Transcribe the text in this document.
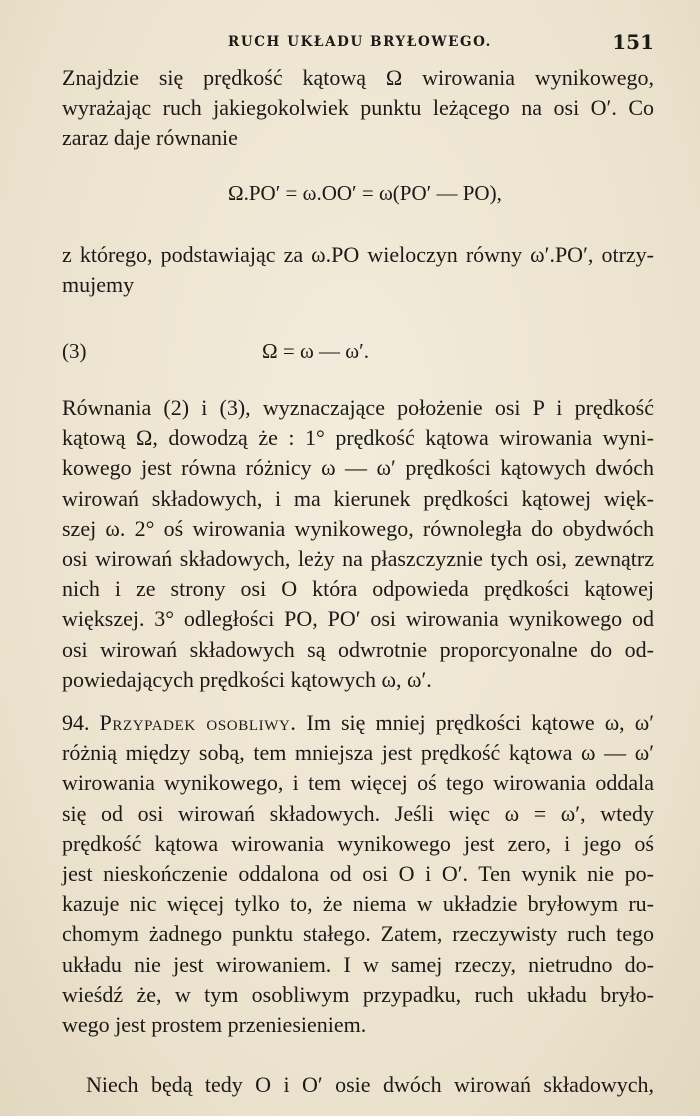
RUCH UKŁADU BRYŁOWEGO.	151
Znajdzie się prędkość kątową Ω wirowania wynikowego,
wyrażając ruch jakiegokolwiek punktu leżącego na osi O′. Co
zaraz daje równanie
Ω.PO′ = ω.OO′ = ω(PO′ — PO),
z którego, podstawiając za ω.PO wieloczyn równy ω′.PO′, otrzy-
mujemy
(3)	Ω = ω — ω′.
Równania (2) i (3), wyznaczające położenie osi P i prędkość
kątową Ω, dowodzą że : 1° prędkość kątowa wirowania wyni-
kowego jest równa różnicy ω — ω′ prędkości kątowych dwóch
wirowań składowych, i ma kierunek prędkości kątowej więk-
szej ω. 2° oś wirowania wynikowego, równoległa do obydwóch
osi wirowań składowych, leży na płaszczyznie tych osi, zewnątrz
nich i ze strony osi O która odpowieda prędkości kątowej
większej. 3° odległości PO, PO′ osi wirowania wynikowego od
osi wirowań składowych są odwrotnie proporcyonalne do od-
powiedających prędkości kątowych ω, ω′.
94. Przypadek osobliwy. Im się mniej prędkości kątowe ω, ω′
różnią między sobą, tem mniejsza jest prędkość kątowa ω — ω′
wirowania wynikowego, i tem więcej oś tego wirowania oddala
się od osi wirowań składowych. Jeśli więc ω = ω′, wtedy
prędkość kątowa wirowania wynikowego jest zero, i jego oś
jest nieskończenie oddalona od osi O i O′. Ten wynik nie po-
kazuje nic więcej tylko to, że niema w układzie bryłowym ru-
chomym żadnego punktu stałego. Zatem, rzeczywisty ruch tego
układu nie jest wirowaniem. I w samej rzeczy, nietrudno do-
wieśdź że, w tym osobliwym przypadku, ruch układu bryło-
wego jest prostem przeniesieniem.
Niech będą tedy O i O′ osie dwóch wirowań składowych,
